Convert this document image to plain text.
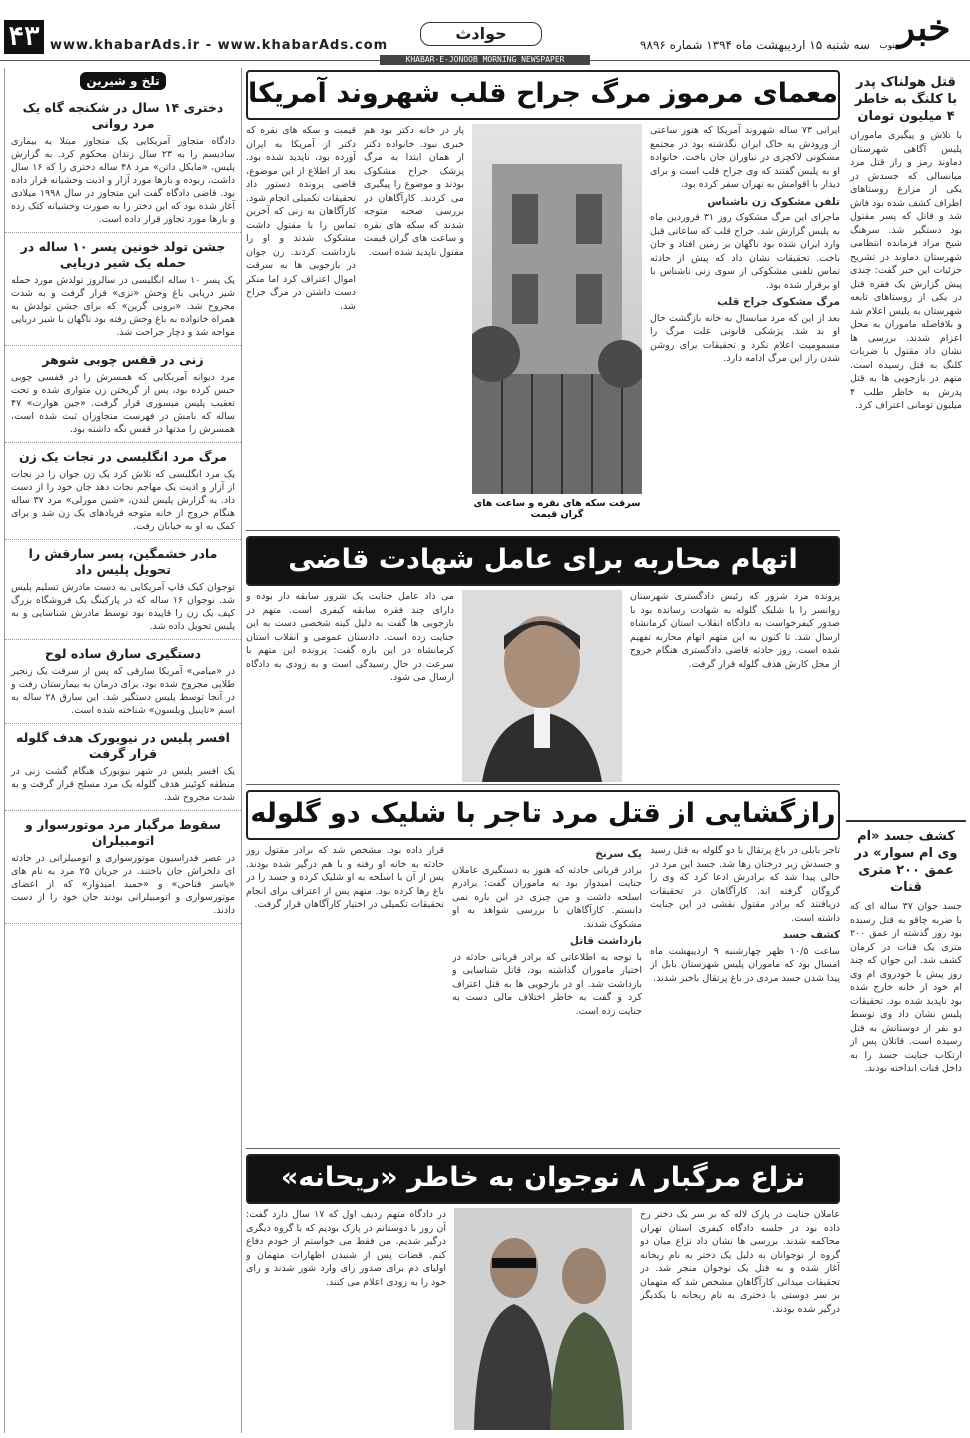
۴۳ www.khabarAds.ir - www.khabarAds.com
حوادث
سه شنبه ۱۵ اردیبهشت ماه ۱۳۹۴ شماره ۹۸۹۶ خبر
جنوب
KHABAR-E-JONOOB MORNING NEWSPAPER
تلخ و شیرین
دختری ۱۴ سال در شکنجه گاه یک مرد روانی

دادگاه متجاوز آمریکایی یک متجاوز مبتلا به بیماری سادیسم را به ۲۳ سال زندان محکوم کرد. به گزارش پلیس، «مایکل داتن» مرد ۴۸ ساله دختری را که ۱۶ سال داشت، ربوده و بارها مورد آزار و اذیت وحشیانه قرار داده بود. قاضی دادگاه گفت این متجاوز در سال ۱۹۹۸ میلادی آغاز شده بود که این دختر را به صورت وحشیانه کتک زده و بارها مورد تجاوز قرار داده است.

جشن تولد خونین پسر ۱۰ ساله در حمله یک شیر دریایی

یک پسر ۱۰ ساله انگلیسی در سالروز تولدش مورد حمله شیر دریایی باغ وحش «تزی» قرار گرفت و به شدت مجروح شد. «برونی گرین» که برای جشن تولدش به همراه خانواده به باغ وحش رفته بود ناگهان با شیر دریایی مواجه شد و دچار جراحت شد.

زنی در قفس چوبی شوهر

مرد دیوانه آمریکایی که همسرش را در قفسی چوبی حبس کرده بود، پس از گریختن زن متواری شده و تحت تعقیب پلیس میسوری قرار گرفت. «جین هوارت» ۴۷ ساله که نامش در فهرست متجاوزان ثبت شده است، همسرش را مدتها در قفس نگه داشته بود.

مرگ مرد انگلیسی در نجات یک زن

یک مرد انگلیسی که تلاش کرد یک زن جوان را در نجات از آزار و اذیت یک مهاجم نجات دهد جان خود را از دست داد. به گزارش پلیس لندن، «شین مورلی» مرد ۳۷ ساله هنگام خروج از خانه متوجه فریادهای یک زن شد و برای کمک به او به خیابان رفت.

مادر خشمگین، پسر سارقش را تحویل پلیس داد

توجوان کیک قاپ آمریکایی به دست مادرش تسلیم پلیس شد. نوجوان ۱۶ ساله که در پارکینگ یک فروشگاه بزرگ کیف یک زن را قاپیده بود توسط مادرش شناسایی و به پلیس تحویل داده شد.

دستگیری سارق ساده لوح

در «میامی» آمریکا سارقی که پس از سرقت یک زنجیر طلایی مجروح شده بود، برای درمان به بیمارستان رفت و در آنجا توسط پلیس دستگیر شد. این سارق ۲۸ ساله به اسم «تاینیل ویلسون» شناخته شده است.

افسر پلیس در نیویورک هدف گلوله قرار گرفت

یک افسر پلیس در شهر نیویورک هنگام گشت زنی در منطقه کوئینز هدف گلوله یک مرد مسلح قرار گرفت و به شدت مجروح شد.

سقوط مرگبار مرد موتورسوار و اتومبیلران

در عصر فدراسیون موتورسواری و اتومبیلرانی در حادثه ای دلخراش جان باختند. در جریان ۲۵ مرد به نام های «یاسر فتاحی» و «حمید امیدوار» که از اعضای موتورسواری و اتومبیلرانی بودند جان خود را از دست دادند.

معمای مرموز مرگ جراح قلب شهروند آمریکا
ایرانی ۷۳ ساله شهروند آمریکا که هنوز ساعتی از ورودش به خاک ایران نگذشته بود در مجتمع مسکونی لاکچری در نیاوران جان باخت. خانواده او به پلیس گفتند که وی جراح قلب است و برای دیدار با اقوامش به تهران سفر کرده بود.
تلفن مشکوک زن ناشناس
ماجرای این مرگ مشکوک روز ۳۱ فروردین ماه به پلیس گزارش شد. جراح قلب که ساعاتی قبل وارد ایران شده بود ناگهان بر زمین افتاد و جان باخت. تحقیقات نشان داد که پیش از حادثه تماس تلفنی مشکوکی از سوی زنی ناشناس با او برقرار شده بود.
مرگ مشکوک جراح قلب
بعد از این که مرد میانسال به خانه بازگشت حال او بد شد. پزشکی قانونی علت مرگ را مسمومیت اعلام نکرد و تحقیقات برای روشن شدن راز این مرگ ادامه دارد.
سرقت سکه های نقره و ساعت های گران قیمت
پار در خانه دکتر بود هم خبری نبود. خانواده دکتر از همان ابتدا به مرگ پزشک جراح مشکوک بودند و موضوع را پیگیری می کردند. کارآگاهان در بررسی صحنه متوجه شدند که سکه های نقره و ساعت های گران قیمت مقتول ناپدید شده است.
قیمت و سکه های نقره که دکتر از آمریکا به ایران آورده بود، ناپدید شده بود. بعد از اطلاع از این موضوع، قاضی پرونده دستور داد تحقیقات تکمیلی انجام شود. کارآگاهان به زنی که آخرین تماس را با مقتول داشت مشکوک شدند و او را بازداشت کردند. زن جوان در بازجویی ها به سرقت اموال اعتراف کرد اما منکر دست داشتن در مرگ جراح شد.
اتهام محاربه برای عامل شهادت قاضی
پرونده مرد شرور که رئیس دادگستری شهرستان روانسر را با شلیک گلوله به شهادت رسانده بود با صدور کیفرخواست به دادگاه انقلاب استان کرمانشاه ارسال شد. تا کنون به این متهم اتهام محاربه تفهیم شده است. روز حادثه قاضی دادگستری هنگام خروج از محل کارش هدف گلوله قرار گرفت.
می داد عامل جنایت یک شرور سابقه دار بوده و دارای چند فقره سابقه کیفری است. متهم در بازجویی ها گفت به دلیل کینه شخصی دست به این جنایت زده است. دادستان عمومی و انقلاب استان کرمانشاه در این باره گفت: پرونده این متهم با سرعت در حال رسیدگی است و به زودی به دادگاه ارسال می شود.
رازگشایی از قتل مرد تاجر با شلیک دو گلوله
تاجر بابلی در باغ پرتقال با دو گلوله به قتل رسید و جسدش زیر درختان رها شد. جسد این مرد در حالی پیدا شد که برادرش ادعا کرد که وی را گروگان گرفته اند. کارآگاهان در تحقیقات دریافتند که برادر مقتول نقشی در این جنایت داشته است.
کشف جسد
ساعت ۱۰/۵ ظهر چهارشنبه ۹ اردیبهشت ماه امسال بود که ماموران پلیس شهرستان بابل از پیدا شدن جسد مردی در باغ پرتقال باخبر شدند.
یک سرنخ
برادر قربانی حادثه که هنوز به دستگیری عاملان جنایت امیدوار بود به ماموران گفت: برادرم اسلحه داشت و من چیزی در این باره نمی دانستم. کارآگاهان با بررسی شواهد به او مشکوک شدند.
بازداشت قاتل
با توجه به اطلاعاتی که برادر قربانی حادثه در اختیار ماموران گذاشته بود، قاتل شناسایی و بازداشت شد. او در بازجویی ها به قتل اعتراف کرد و گفت به خاطر اختلاف مالی دست به جنایت زده است.
قرار داده بود. مشخص شد که برادر مقتول روز حادثه به خانه او رفته و با هم درگیر شده بودند. پس از آن با اسلحه به او شلیک کرده و جسد را در باغ رها کرده بود. متهم پس از اعتراف برای انجام تحقیقات تکمیلی در اختیار کارآگاهان قرار گرفت.
نزاع مرگبار ۸ نوجوان به خاطر «ریحانه»
عاملان جنایت در پارک لاله که بر سر یک دختر رخ داده بود در جلسه دادگاه کیفری استان تهران محاکمه شدند. بررسی ها نشان داد نزاع میان دو گروه از نوجوانان به دلیل یک دختر به نام ریحانه آغاز شده و به قتل یک نوجوان منجر شد. در تحقیقات میدانی کارآگاهان مشخص شد که متهمان بر سر دوستی با دختری به نام ریحانه با یکدیگر درگیر شده بودند.
در دادگاه متهم ردیف اول که ۱۷ سال دارد گفت: آن روز با دوستانم در پارک بودیم که با گروه دیگری درگیر شدیم. من فقط می خواستم از خودم دفاع کنم. قضات پس از شنیدن اظهارات متهمان و اولیای دم برای صدور رای وارد شور شدند و رای خود را به زودی اعلام می کنند.
قتل هولناک پدر با کلنگ به خاطر ۴ میلیون تومان

با تلاش و پیگیری ماموران پلیس آگاهی شهرستان دماوند رمز و راز قتل مرد میانسالی که جسدش در یکی از مزارع روستاهای اطراف کشف شده بود فاش شد و قاتل که پسر مقتول بود دستگیر شد. سرهنگ شیخ مراد فرمانده انتظامی شهرستان دماوند در تشریح جزئیات این خبر گفت: چندی پیش گزارش یک فقره قتل در یکی از روستاهای تابعه شهرستان به پلیس اعلام شد و بلافاصله ماموران به محل اعزام شدند. بررسی ها نشان داد مقتول با ضربات کلنگ به قتل رسیده است. متهم در بازجویی ها به قتل پدرش به خاطر طلب ۴ میلیون تومانی اعتراف کرد.

کشف جسد «ام وی ام سوار» در عمق ۲۰۰ متری قنات

جسد جوان ۳۷ ساله ای که با ضربه چاقو به قتل رسیده بود روز گذشته از عمق ۲۰۰ متری یک قنات در کرمان کشف شد. این جوان که چند روز پیش با خودروی ام وی ام خود از خانه خارج شده بود ناپدید شده بود. تحقیقات پلیس نشان داد وی توسط دو نفر از دوستانش به قتل رسیده است. قاتلان پس از ارتکاب جنایت جسد را به داخل قنات انداخته بودند.
